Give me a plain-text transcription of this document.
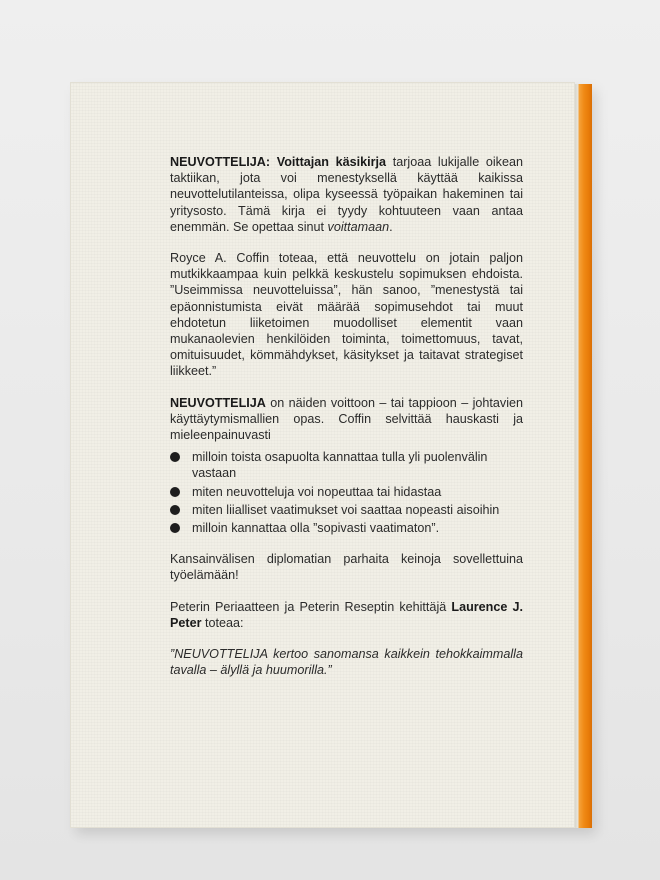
NEUVOTTELIJA: Voittajan käsikirja tarjoaa lukijalle oikean taktiikan, jota voi menestyksellä käyttää kaikissa neuvottelutilanteissa, olipa kyseessä työpaikan hakeminen tai yritysosto. Tämä kirja ei tyydy kohtuuteen vaan antaa enemmän. Se opettaa sinut voittamaan.

Royce A. Coffin toteaa, että neuvottelu on jotain paljon mutkikkaampaa kuin pelkkä keskustelu sopimuksen ehdoista. ”Useimmissa neuvotteluissa”, hän sanoo, ”menestystä tai epäonnistumista eivät määrää sopimusehdot tai muut ehdotetun liiketoimen muodolliset elementit vaan mukanaolevien henkilöiden toiminta, toimettomuus, tavat, omituisuudet, kömmähdykset, käsitykset ja taitavat strategiset liikkeet.”

NEUVOTTELIJA on näiden voittoon – tai tappioon – johtavien käyttäytymismallien opas. Coffin selvittää hauskasti ja mieleenpainuvasti

milloin toista osapuolta kannattaa tulla yli puolenvälin vastaan
miten neuvotteluja voi nopeuttaa tai hidastaa
miten liialliset vaatimukset voi saattaa nopeasti aisoihin
milloin kannattaa olla ”sopivasti vaatimaton”.

Kansainvälisen diplomatian parhaita keinoja sovellettuina työelämään!

Peterin Periaatteen ja Peterin Reseptin kehittäjä Laurence J. Peter toteaa:

”NEUVOTTELIJA kertoo sanomansa kaikkein tehokkaimmalla tavalla – älyllä ja huumorilla.”
